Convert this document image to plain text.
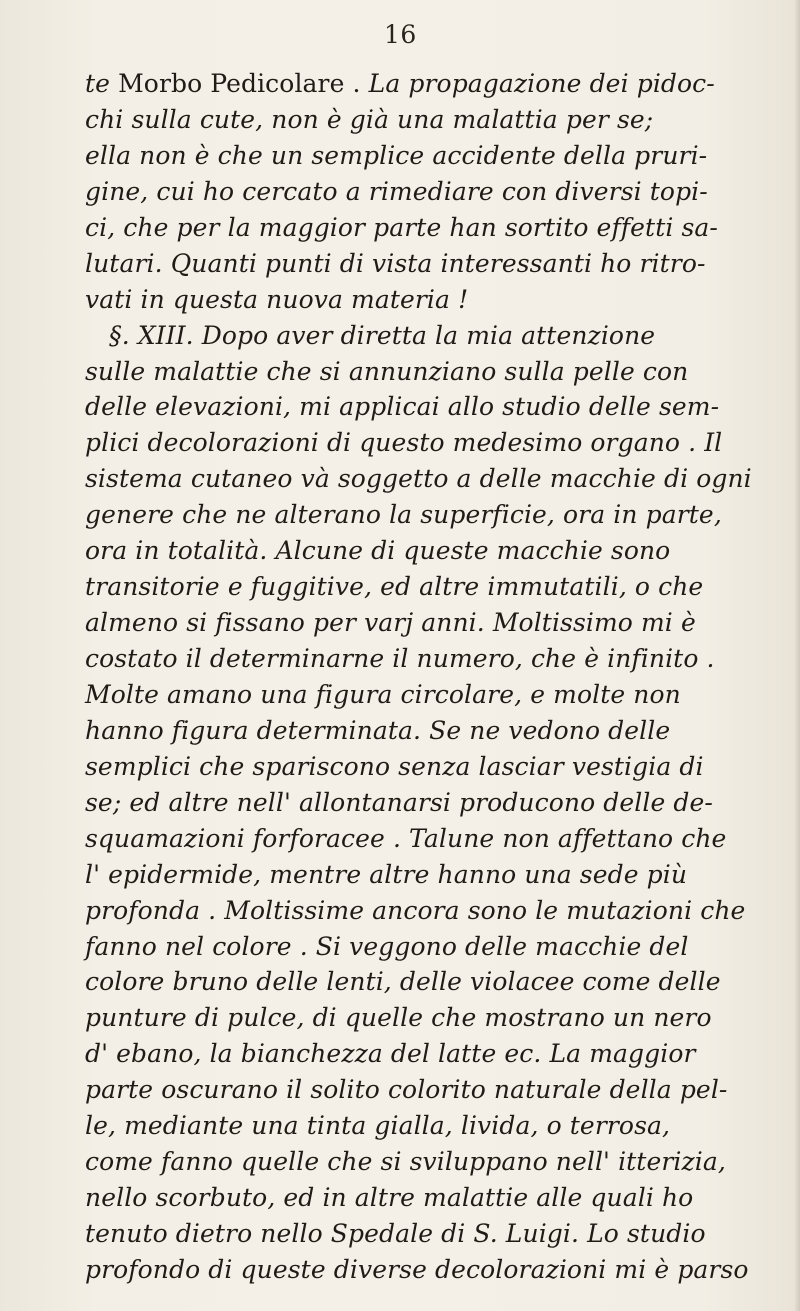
16
te Morbo Pedicolare . La propagazione dei pidoc-
chi sulla cute, non è già una malattia per se;
ella non è che un semplice accidente della pruri-
gine, cui ho cercato a rimediare con diversi topi-
ci, che per la maggior parte han sortito effetti sa-
lutari. Quanti punti di vista interessanti ho ritro-
vati in questa nuova materia !
§. XIII. Dopo aver diretta la mia attenzione
sulle malattie che si annunziano sulla pelle con
delle elevazioni, mi applicai allo studio delle sem-
plici decolorazioni di questo medesimo organo . Il
sistema cutaneo và soggetto a delle macchie di ogni
genere che ne alterano la superficie, ora in parte,
ora in totalità. Alcune di queste macchie sono
transitorie e fuggitive, ed altre immutatili, o che
almeno si fissano per varj anni. Moltissimo mi è
costato il determinarne il numero, che è infinito .
Molte amano una figura circolare, e molte non
hanno figura determinata. Se ne vedono delle
semplici che spariscono senza lasciar vestigia di
se; ed altre nell' allontanarsi producono delle de-
squamazioni forforacee . Talune non affettano che
l' epidermide, mentre altre hanno una sede più
profonda . Moltissime ancora sono le mutazioni che
fanno nel colore . Si veggono delle macchie del
colore bruno delle lenti, delle violacee come delle
punture di pulce, di quelle che mostrano un nero
d' ebano, la bianchezza del latte ec. La maggior
parte oscurano il solito colorito naturale della pel-
le, mediante una tinta gialla, livida, o terrosa,
come fanno quelle che si sviluppano nell' itterizia,
nello scorbuto, ed in altre malattie alle quali ho
tenuto dietro nello Spedale di S. Luigi. Lo studio
profondo di queste diverse decolorazioni mi è parso
